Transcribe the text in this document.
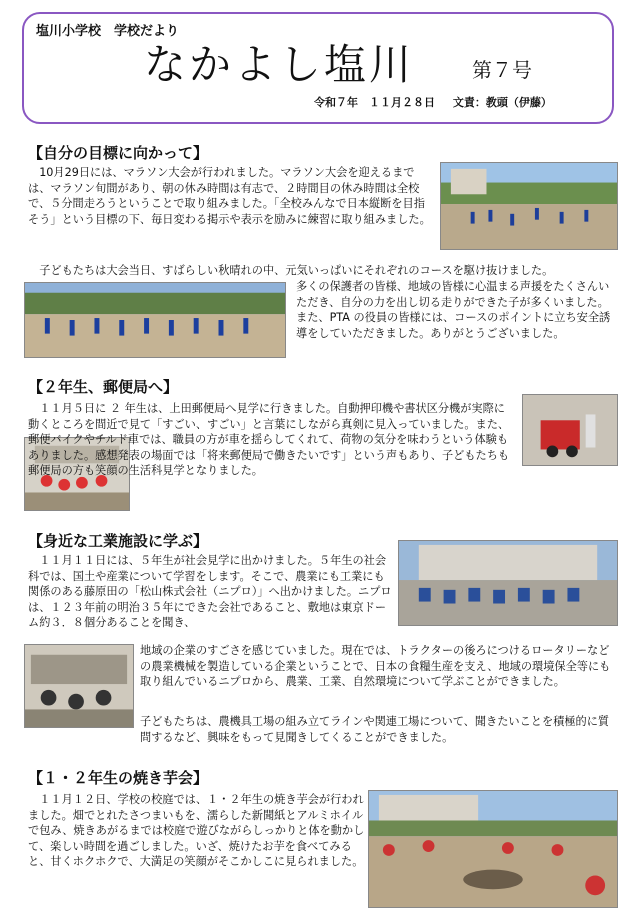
塩川小学校　学校だより
なかよし塩川	第７号
令和７年　１１月２８日 文責：教頭（伊藤）
【自分の目標に向かって】

　10月29日には、マラソン大会が行われました。マラソン大会を迎えるまでは、マラソン旬間があり、朝の休み時間は有志で、２時間目の休み時間は全校で、５分間走ろうということで取り組みました。「全校みんなで日本縦断を目指そう」という目標の下、毎日変わる掲示や表示を励みに練習に取り組みました。

　子どもたちは大会当日、すばらしい秋晴れの中、元気いっぱいにそれぞれのコースを駆け抜けました。

多くの保護者の皆様、地域の皆様に心温まる声援をたくさんいただき、自分の力を出し切る走りができた子が多くいました。また、PTA の役員の皆様には、コースのポイントに立ち安全誘導をしていただきました。ありがとうございました。

【２年生、郵便局へ】

　１１月５日に ２ 年生は、上田郵便局へ見学に行きました。自動押印機や書状区分機が実際に動くところを間近で見て「すごい、すごい」と言葉にしながら真剣に見入っていました。また、郵便バイクやチルド車では、職員の方が車を揺らしてくれて、荷物の気分を味わうという体験もありました。感想発表の場面では「将来郵便局で働きたいです」という声もあり、子どもたちも郵便局の方も笑顔の生活科見学となりました。

【身近な工業施設に学ぶ】

　１１月１１日には、５年生が社会見学に出かけました。５年生の社会科では、国土や産業について学習をします。そこで、農業にも工業にも関係のある藤原田の「松山株式会社（ニプロ）」へ出かけました。ニプロは、１２３年前の明治３５年にできた会社であること、敷地は東京ドーム約３．８個分あることを聞き、

地域の企業のすごさを感じていました。現在では、トラクターの後ろにつけるロータリーなどの農業機械を製造している企業ということで、日本の食糧生産を支え、地域の環境保全等にも取り組んでいるニプロから、農業、工業、自然環境について学ぶことができました。

子どもたちは、農機具工場の組み立てラインや関連工場について、聞きたいことを積極的に質問するなど、興味をもって見聞きしてくることができました。

【１・２年生の焼き芋会】

　１１月１２日、学校の校庭では、１・２年生の焼き芋会が行われました。畑でとれたさつまいもを、濡らした新聞紙とアルミホイルで包み、焼きあがるまでは校庭で遊びながらしっかりと体を動かして、楽しい時間を過ごしました。いざ、焼けたお芋を食べてみると、甘くホクホクで、大満足の笑顔がそこかしこに見られました。
